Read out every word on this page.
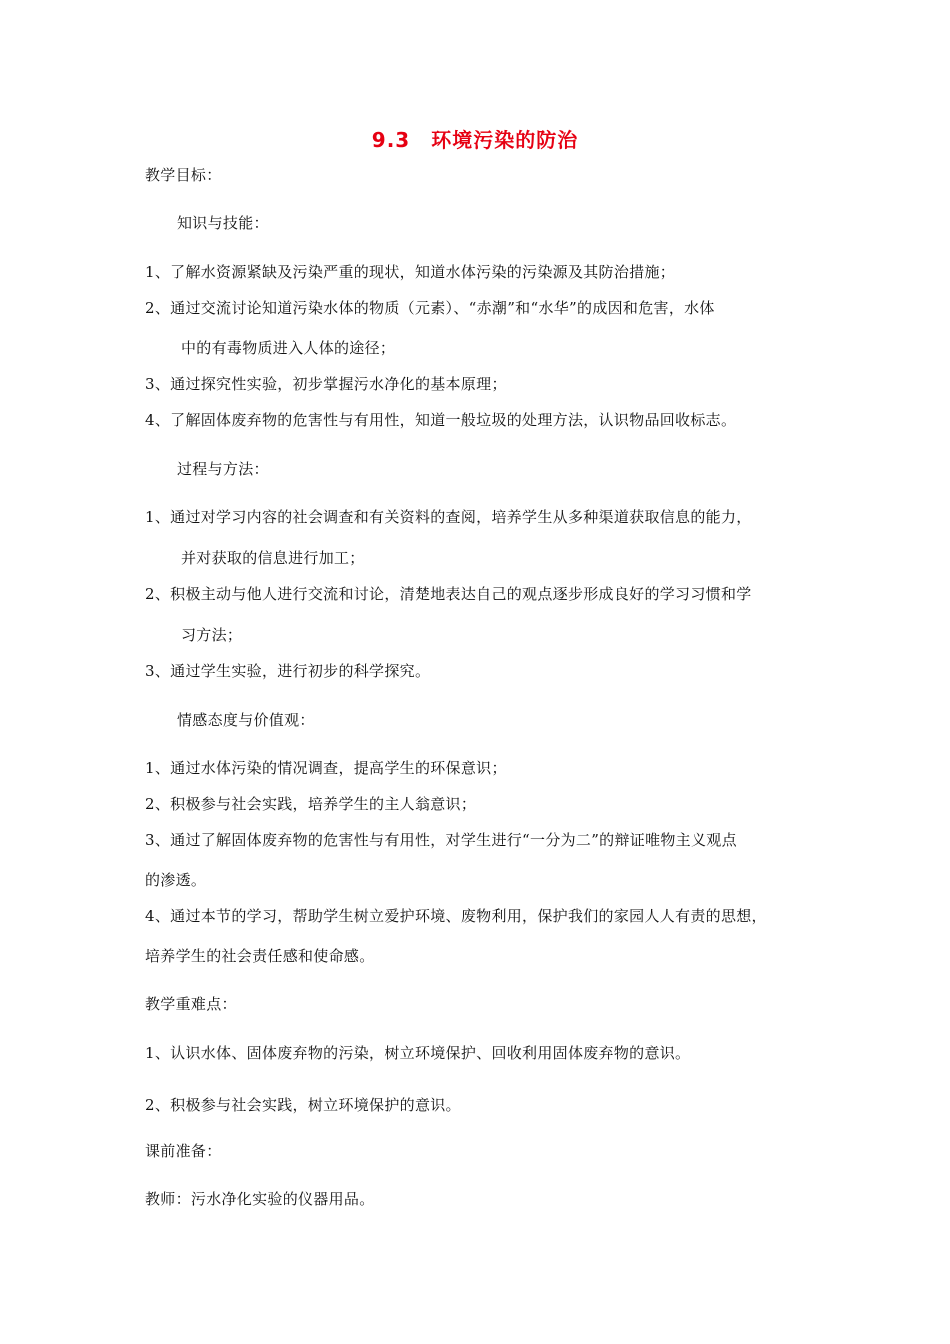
9.3　环境污染的防治
教学目标：
知识与技能：
1、了解水资源紧缺及污染严重的现状，知道水体污染的污染源及其防治措施；
2、通过交流讨论知道污染水体的物质（元素）、“赤潮”和“水华”的成因和危害，水体
中的有毒物质进入人体的途径；
3、通过探究性实验，初步掌握污水净化的基本原理；
4、了解固体废弃物的危害性与有用性，知道一般垃圾的处理方法，认识物品回收标志。
过程与方法：
1、通过对学习内容的社会调查和有关资料的查阅，培养学生从多种渠道获取信息的能力，
并对获取的信息进行加工；
2、积极主动与他人进行交流和讨论，清楚地表达自己的观点逐步形成良好的学习习惯和学
习方法；
3、通过学生实验，进行初步的科学探究。
情感态度与价值观：
1、通过水体污染的情况调查，提高学生的环保意识；
2、积极参与社会实践，培养学生的主人翁意识；
3、通过了解固体废弃物的危害性与有用性，对学生进行“一分为二”的辩证唯物主义观点
的渗透。
4、通过本节的学习，帮助学生树立爱护环境、废物利用，保护我们的家园人人有责的思想，
培养学生的社会责任感和使命感。
教学重难点：
1、认识水体、固体废弃物的污染，树立环境保护、回收利用固体废弃物的意识。
2、积极参与社会实践，树立环境保护的意识。
课前准备：
教师：污水净化实验的仪器用品。
